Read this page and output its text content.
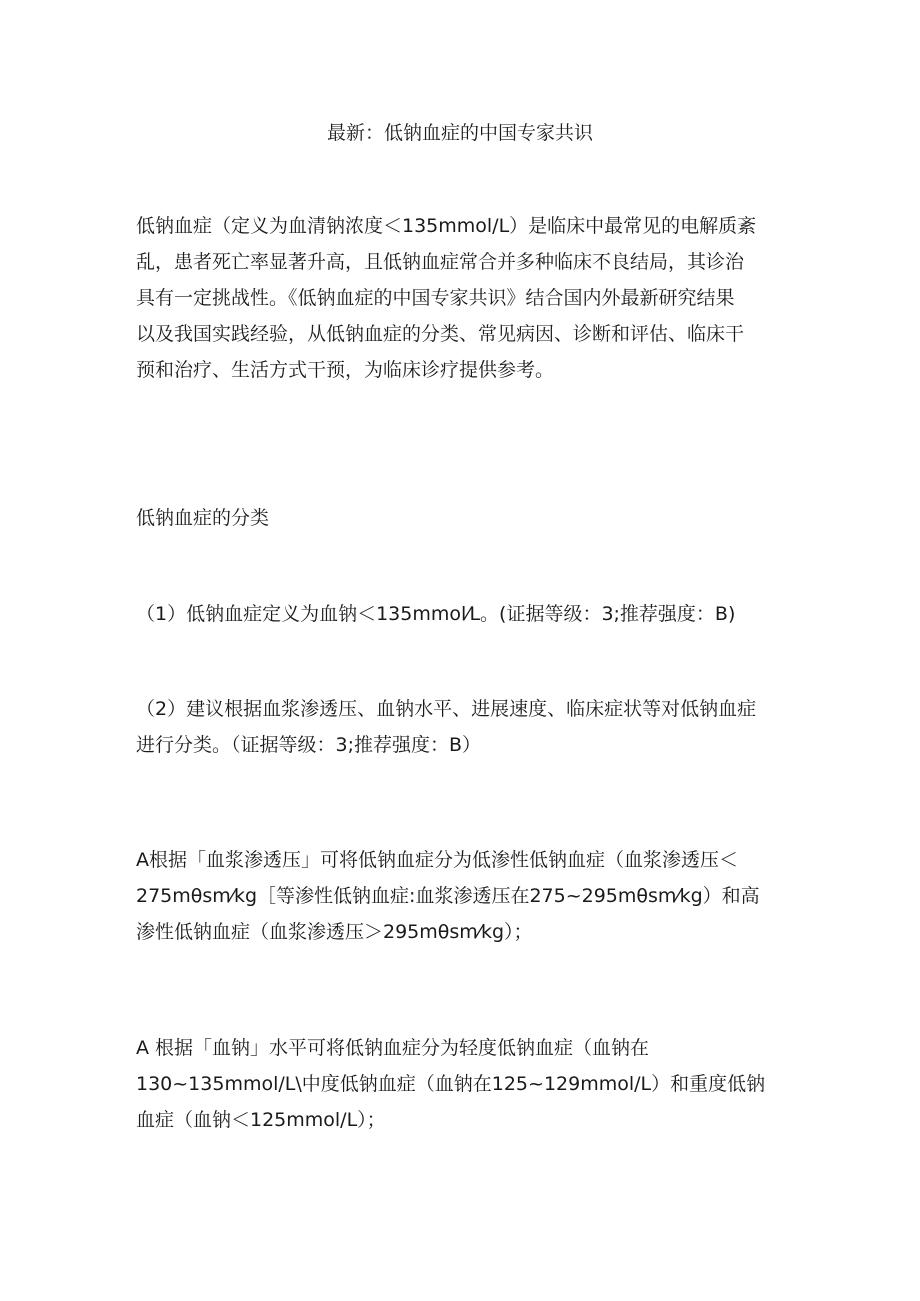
最新：低钠血症的中国专家共识
低钠血症（定义为血清钠浓度＜135mmol/L）是临床中最常见的电解质紊
乱，患者死亡率显著升高，且低钠血症常合并多种临床不良结局，其诊治
具有一定挑战性。《低钠血症的中国专家共识》结合国内外最新研究结果
以及我国实践经验，从低钠血症的分类、常见病因、诊断和评估、临床干
预和治疗、生活方式干预，为临床诊疗提供参考。
低钠血症的分类
（1）低钠血症定义为血钠＜135mmol⁄L。(证据等级：3;推荐强度：B)
（2）建议根据血浆渗透压、血钠水平、进展速度、临床症状等对低钠血症
进行分类。（证据等级：3;推荐强度：B）
A根据「血浆渗透压」可将低钠血症分为低渗性低钠血症（血浆渗透压＜
275mθsm⁄kg［等渗性低钠血症:血浆渗透压在275~295mθsm⁄kg）和高
渗性低钠血症（血浆渗透压＞295mθsm⁄kg）；
A 根据「血钠」水平可将低钠血症分为轻度低钠血症（血钠在
130~135mmol/L\中度低钠血症（血钠在125~129mmol/L）和重度低钠
血症（血钠＜125mmol/L）；
